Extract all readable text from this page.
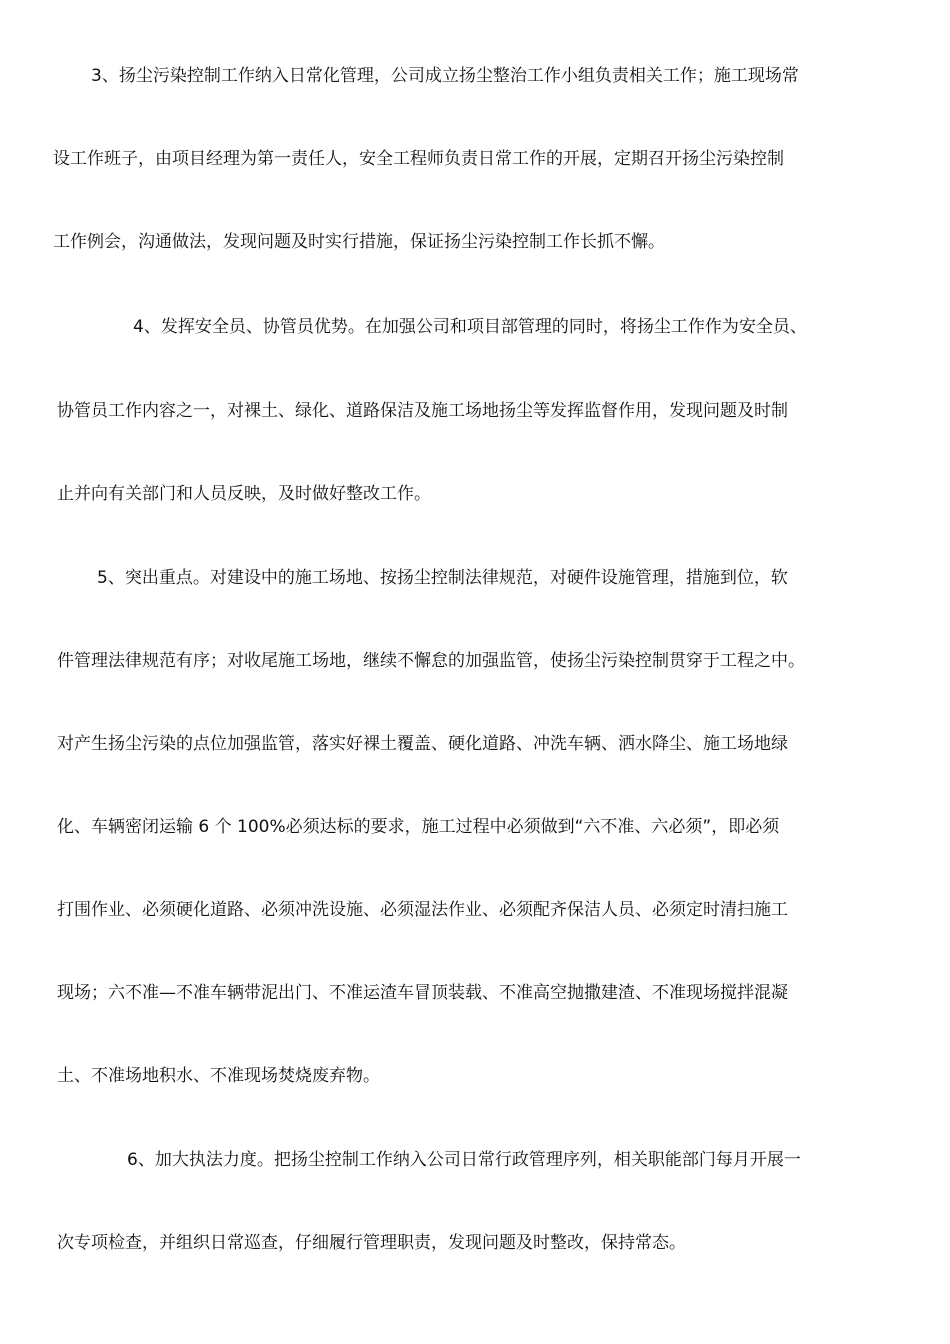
3、扬尘污染控制工作纳入日常化管理，公司成立扬尘整治工作小组负责相关工作；施工现场常
设工作班子，由项目经理为第一责任人，安全工程师负责日常工作的开展，定期召开扬尘污染控制
工作例会，沟通做法，发现问题及时实行措施，保证扬尘污染控制工作长抓不懈。
4、发挥安全员、协管员优势。在加强公司和项目部管理的同时，将扬尘工作作为安全员、
协管员工作内容之一，对裸土、绿化、道路保洁及施工场地扬尘等发挥监督作用，发现问题及时制
止并向有关部门和人员反映，及时做好整改工作。
5、突出重点。对建设中的施工场地、按扬尘控制法律规范，对硬件设施管理，措施到位，软
件管理法律规范有序；对收尾施工场地，继续不懈怠的加强监管，使扬尘污染控制贯穿于工程之中。
对产生扬尘污染的点位加强监管，落实好裸土覆盖、硬化道路、冲洗车辆、洒水降尘、施工场地绿
化、车辆密闭运输 6 个 100%必须达标的要求，施工过程中必须做到“六不准、六必须”，即必须
打围作业、必须硬化道路、必须冲洗设施、必须湿法作业、必须配齐保洁人员、必须定时清扫施工
现场；六不准—不准车辆带泥出门、不准运渣车冒顶装载、不准高空抛撒建渣、不准现场搅拌混凝
土、不准场地积水、不准现场焚烧废弃物。
6、加大执法力度。把扬尘控制工作纳入公司日常行政管理序列，相关职能部门每月开展一
次专项检查，并组织日常巡查，仔细履行管理职责，发现问题及时整改，保持常态。
